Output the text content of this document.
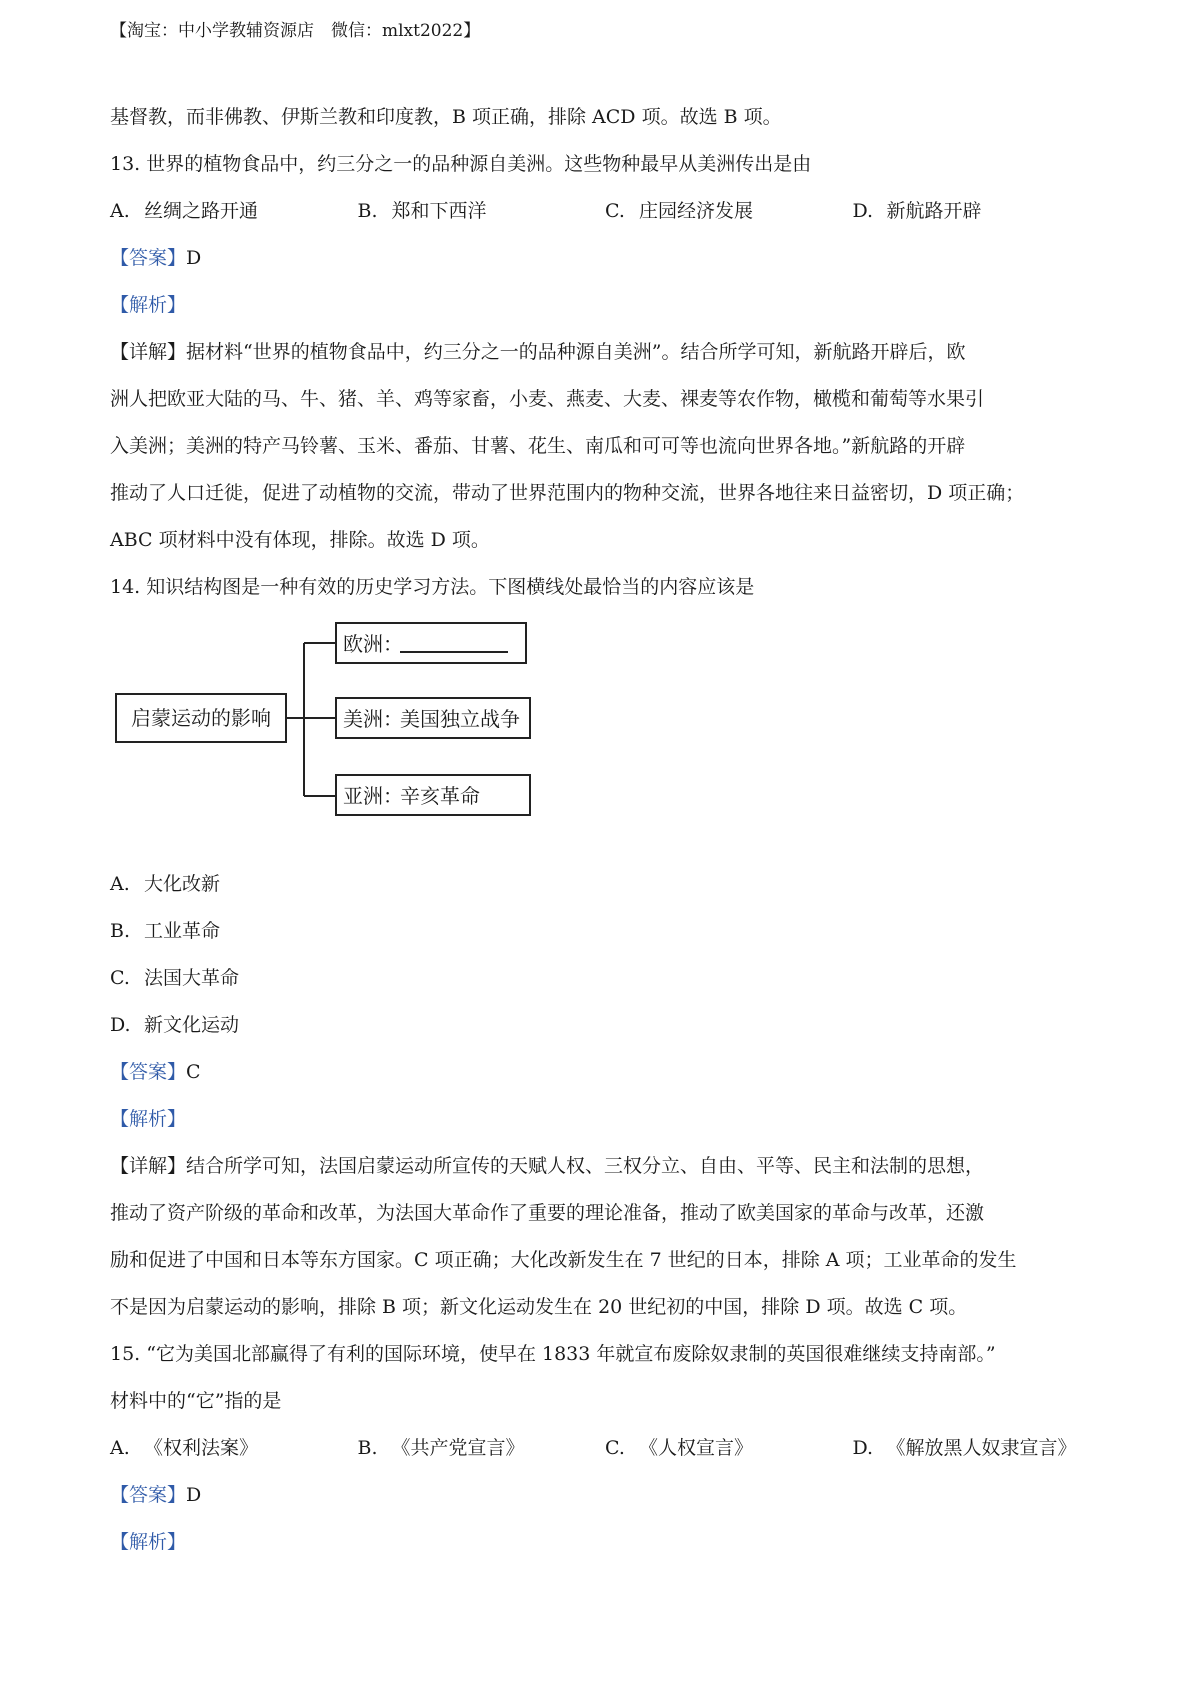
【淘宝：中小学教辅资源店　微信：mlxt2022】
基督教，而非佛教、伊斯兰教和印度教，B 项正确，排除 ACD 项。故选 B 项。
13. 世界的植物食品中，约三分之一的品种源自美洲。这些物种最早从美洲传出是由
A. 丝绸之路开通	B. 郑和下西洋	C. 庄园经济发展	D. 新航路开辟
【答案】D
【解析】
【详解】据材料“世界的植物食品中，约三分之一的品种源自美洲”。结合所学可知，新航路开辟后，欧
洲人把欧亚大陆的马、牛、猪、羊、鸡等家畜，小麦、燕麦、大麦、裸麦等农作物，橄榄和葡萄等水果引
入美洲；美洲的特产马铃薯、玉米、番茄、甘薯、花生、南瓜和可可等也流向世界各地。”新航路的开辟
推动了人口迁徙，促进了动植物的交流，带动了世界范围内的物种交流，世界各地往来日益密切，D 项正确；
ABC 项材料中没有体现，排除。故选 D 项。
14. 知识结构图是一种有效的历史学习方法。下图横线处最恰当的内容应该是
启蒙运动的影响
欧洲：
美洲：
美国独立战争
亚洲：
辛亥革命
A. 大化改新
B. 工业革命
C. 法国大革命
D. 新文化运动
【答案】C
【解析】
【详解】结合所学可知，法国启蒙运动所宣传的天赋人权、三权分立、自由、平等、民主和法制的思想，
推动了资产阶级的革命和改革，为法国大革命作了重要的理论准备，推动了欧美国家的革命与改革，还激
励和促进了中国和日本等东方国家。C 项正确；大化改新发生在 7 世纪的日本，排除 A 项；工业革命的发生
不是因为启蒙运动的影响，排除 B 项；新文化运动发生在 20 世纪初的中国，排除 D 项。故选 C 项。
15. “它为美国北部赢得了有利的国际环境，使早在 1833 年就宣布废除奴隶制的英国很难继续支持南部。”
材料中的“它”指的是
A. 《权利法案》	B. 《共产党宣言》	C. 《人权宣言》	D. 《解放黑人奴隶宣言》
【答案】D
【解析】
